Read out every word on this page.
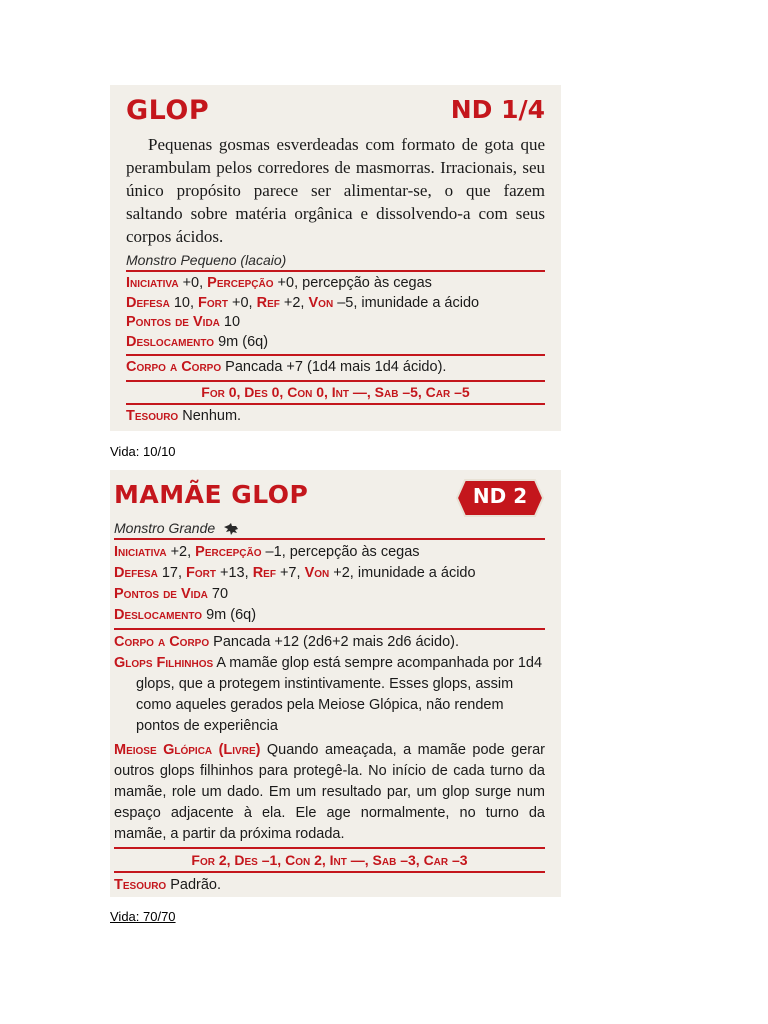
GLOP	ND 1/4
Pequenas gosmas esverdeadas com formato de gota que perambulam pelos corredores de masmorras. Irracionais, seu único propósito parece ser alimentar-se, o que fazem saltando sobre matéria orgânica e dissolvendo-a com seus corpos ácidos.
Monstro Pequeno (lacaio)
Iniciativa +0, Percepção +0, percepção às cegas
Defesa 10, Fort +0, Ref +2, Von –5, imunidade a ácido
Pontos de Vida 10
Deslocamento 9m (6q)
Corpo a Corpo Pancada +7 (1d4 mais 1d4 ácido).
For 0, Des 0, Con 0, Int —, Sab –5, Car –5
Tesouro Nenhum.
Vida: 10/10
MAMÃE GLOP	ND 2
Monstro Grande
Iniciativa +2, Percepção –1, percepção às cegas
Defesa 17, Fort +13, Ref +7, Von +2, imunidade a ácido
Pontos de Vida 70
Deslocamento 9m (6q)
Corpo a Corpo Pancada +12 (2d6+2 mais 2d6 ácido).
Glops Filhinhos A mamãe glop está sempre acompanhada por 1d4 glops, que a protegem instintivamente. Esses glops, assim como aqueles gerados pela Meiose Glópica, não rendem pontos de experiência
Meiose Glópica (Livre) Quando ameaçada, a mamãe pode gerar outros glops filhinhos para protegê-la. No início de cada turno da mamãe, role um dado. Em um resultado par, um glop surge num espaço adjacente à ela. Ele age normalmente, no turno da mamãe, a partir da próxima rodada.
For 2, Des –1, Con 2, Int —, Sab –3, Car –3
Tesouro Padrão.
Vida: 70/70
